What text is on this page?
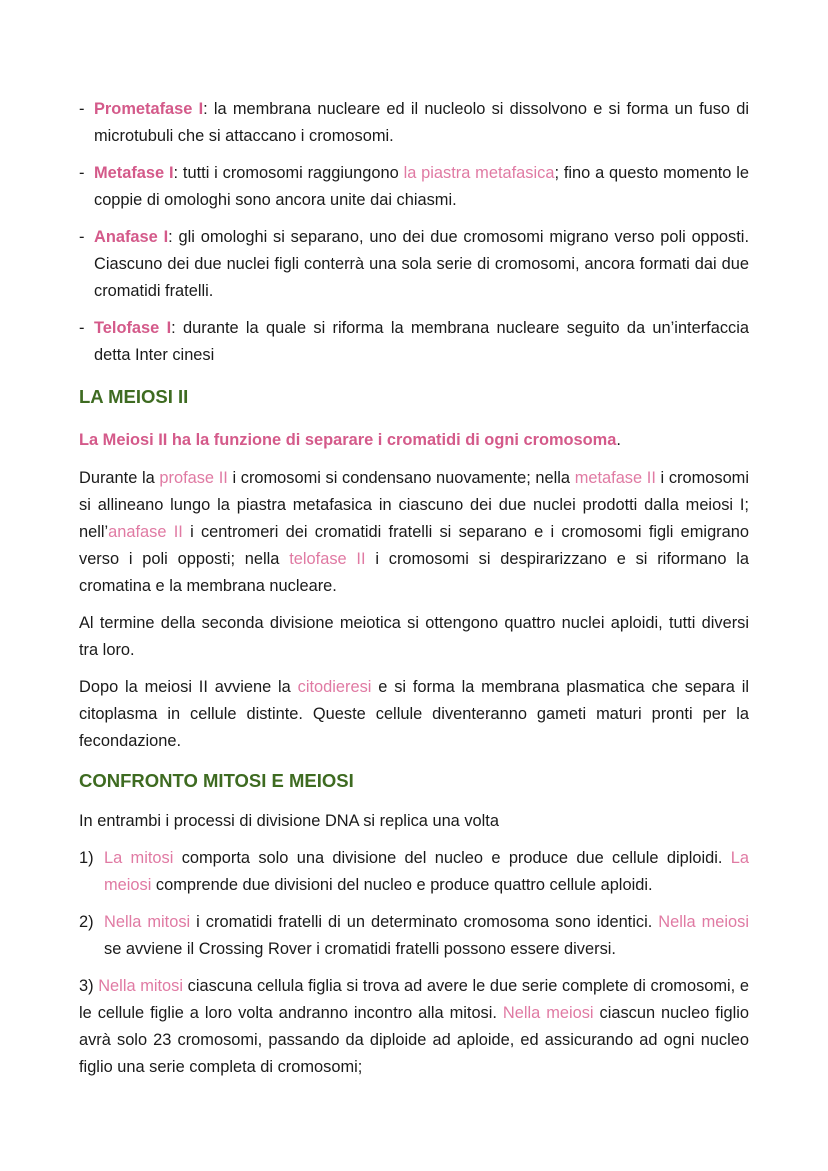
- Prometafase I: la membrana nucleare ed il nucleolo si dissolvono e si forma un fuso di microtubuli che si attaccano i cromosomi.

- Metafase I: tutti i cromosomi raggiungono la piastra metafasica; fino a questo momento le coppie di omologhi sono ancora unite dai chiasmi.

- Anafase I: gli omologhi si separano, uno dei due cromosomi migrano verso poli opposti. Ciascuno dei due nuclei figli conterrà una sola serie di cromosomi, ancora formati dai due cromatidi fratelli.

- Telofase I: durante la quale si riforma la membrana nucleare seguito da un’interfaccia detta Inter cinesi

LA MEIOSI II

La Meiosi II ha la funzione di separare i cromatidi di ogni cromosoma.

Durante la profase II i cromosomi si condensano nuovamente; nella metafase II i cromosomi si allineano lungo la piastra metafasica in ciascuno dei due nuclei prodotti dalla meiosi I; nell’anafase II i centromeri dei cromatidi fratelli si separano e i cromosomi figli emigrano verso i poli opposti; nella telofase II i cromosomi si despirarizzano e si riformano la cromatina e la membrana nucleare.

Al termine della seconda divisione meiotica si ottengono quattro nuclei aploidi, tutti diversi tra loro.

Dopo la meiosi II avviene la citodieresi e si forma la membrana plasmatica che separa il citoplasma in cellule distinte. Queste cellule diventeranno gameti maturi pronti per la fecondazione.

CONFRONTO MITOSI E MEIOSI

In entrambi i processi di divisione DNA si replica una volta

1) La mitosi comporta solo una divisione del nucleo e produce due cellule diploidi. La meiosi comprende due divisioni del nucleo e produce quattro cellule aploidi.

2) Nella mitosi i cromatidi fratelli di un determinato cromosoma sono identici. Nella meiosi se avviene il Crossing Rover i cromatidi fratelli possono essere diversi.

3) Nella mitosi ciascuna cellula figlia si trova ad avere le due serie complete di cromosomi, e le cellule figlie a loro volta andranno incontro alla mitosi. Nella meiosi ciascun nucleo figlio avrà solo 23 cromosomi, passando da diploide ad aploide, ed assicurando ad ogni nucleo figlio una serie completa di cromosomi;
